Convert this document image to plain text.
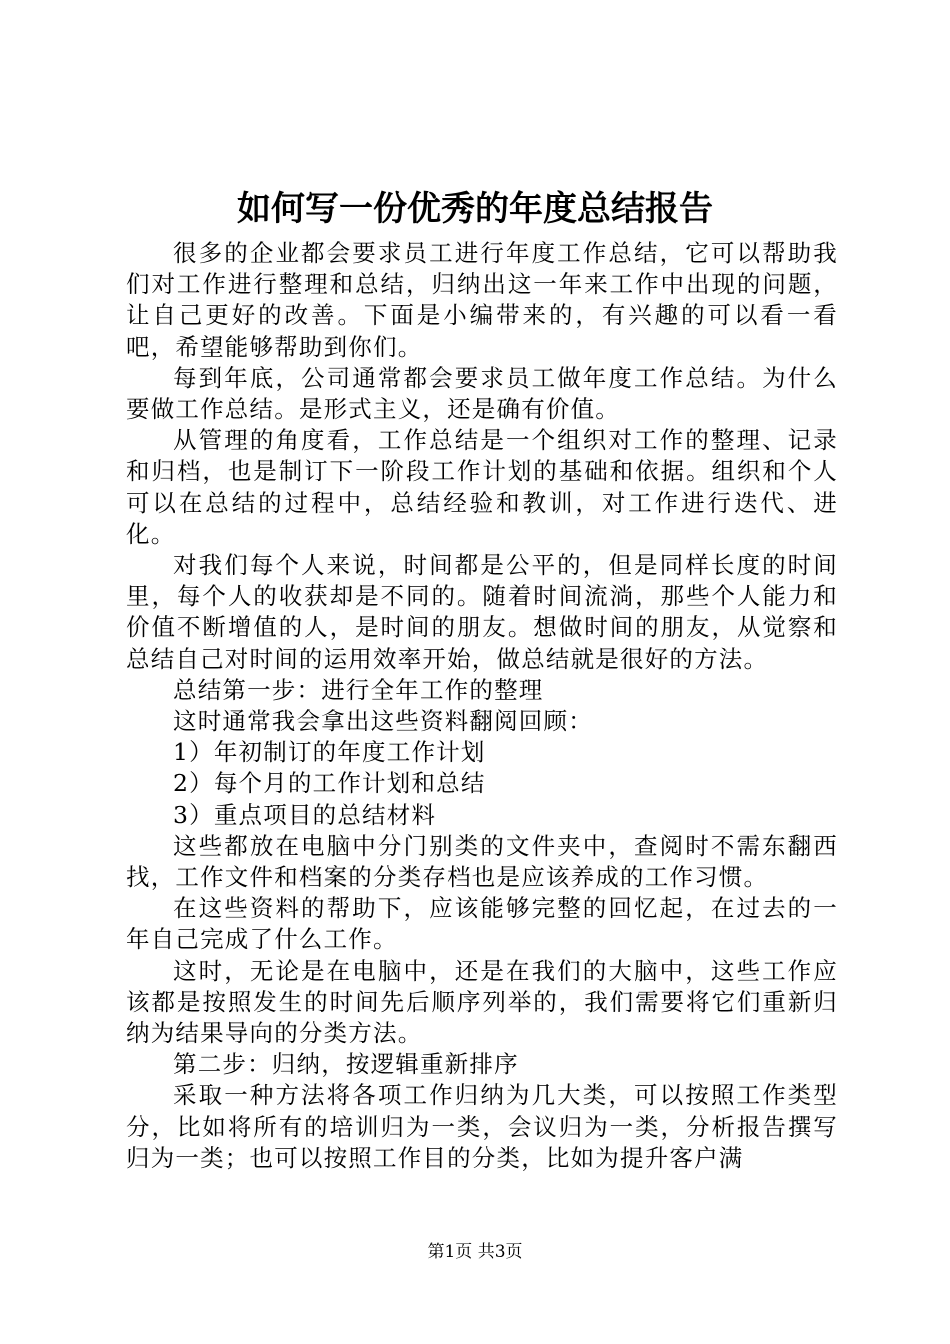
如何写一份优秀的年度总结报告

很多的企业都会要求员工进行年度工作总结，它可以帮助我们对工作进行整理和总结，归纳出这一年来工作中出现的问题，让自己更好的改善。下面是小编带来的，有兴趣的可以看一看吧，希望能够帮助到你们。

每到年底，公司通常都会要求员工做年度工作总结。为什么要做工作总结。是形式主义，还是确有价值。

从管理的角度看，工作总结是一个组织对工作的整理、记录和归档，也是制订下一阶段工作计划的基础和依据。组织和个人可以在总结的过程中，总结经验和教训，对工作进行迭代、进化。

对我们每个人来说，时间都是公平的，但是同样长度的时间里，每个人的收获却是不同的。随着时间流淌，那些个人能力和价值不断增值的人，是时间的朋友。想做时间的朋友，从觉察和总结自己对时间的运用效率开始，做总结就是很好的方法。

总结第一步：进行全年工作的整理

这时通常我会拿出这些资料翻阅回顾：

1）年初制订的年度工作计划

2）每个月的工作计划和总结

3）重点项目的总结材料

这些都放在电脑中分门别类的文件夹中，查阅时不需东翻西找，工作文件和档案的分类存档也是应该养成的工作习惯。

在这些资料的帮助下，应该能够完整的回忆起，在过去的一年自己完成了什么工作。

这时，无论是在电脑中，还是在我们的大脑中，这些工作应该都是按照发生的时间先后顺序列举的，我们需要将它们重新归纳为结果导向的分类方法。

第二步：归纳，按逻辑重新排序

采取一种方法将各项工作归纳为几大类，可以按照工作类型分，比如将所有的培训归为一类，会议归为一类，分析报告撰写归为一类；也可以按照工作目的分类，比如为提升客户满

第1页 共3页
